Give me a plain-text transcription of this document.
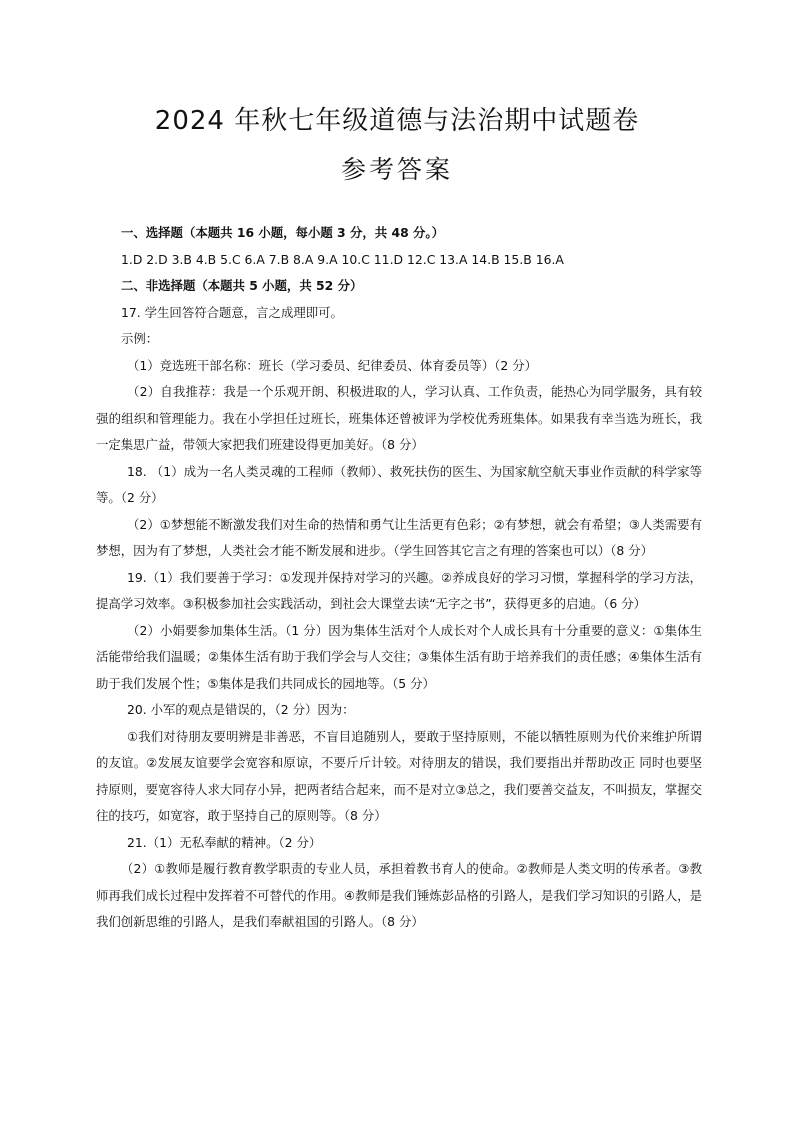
2024 年秋七年级道德与法治期中试题卷
参考答案
一、选择题（本题共 16 小题，每小题 3 分，共 48 分。）
1.D 2.D 3.B 4.B 5.C 6.A 7.B 8.A 9.A 10.C 11.D 12.C 13.A 14.B 15.B 16.A
二、非选择题（本题共 5 小题，共 52 分）
17. 学生回答符合题意，言之成理即可。
示例：
（1）竞选班干部名称：班长（学习委员、纪律委员、体育委员等）（2 分）
（2）自我推荐：我是一个乐观开朗、积极进取的人，学习认真、工作负责，能热心为同学服务，具有较强的组织和管理能力。我在小学担任过班长，班集体还曾被评为学校优秀班集体。如果我有幸当选为班长，我一定集思广益，带领大家把我们班建设得更加美好。（8 分）
18. （1）成为一名人类灵魂的工程师（教师）、救死扶伤的医生、为国家航空航天事业作贡献的科学家等等。（2 分）
（2）①梦想能不断激发我们对生命的热情和勇气让生活更有色彩；②有梦想，就会有希望；③人类需要有梦想，因为有了梦想，人类社会才能不断发展和进步。（学生回答其它言之有理的答案也可以）（8 分）
19.（1）我们要善于学习：①发现并保持对学习的兴趣。②养成良好的学习习惯，掌握科学的学习方法，提高学习效率。③积极参加社会实践活动，到社会大课堂去读“无字之书”，获得更多的启迪。（6 分）
（2）小娟要参加集体生活。（1 分）因为集体生活对个人成长对个人成长具有十分重要的意义：①集体生活能带给我们温暖；②集体生活有助于我们学会与人交往；③集体生活有助于培养我们的责任感；④集体生活有助于我们发展个性；⑤集体是我们共同成长的园地等。（5 分）
20. 小军的观点是错误的，（2 分）因为：
①我们对待朋友要明辨是非善恶，不盲目追随别人，要敢于坚持原则，不能以牺牲原则为代价来维护所谓的友谊。②发展友谊要学会宽容和原谅，不要斤斤计较。对待朋友的错误，我们要指出并帮助改正 同时也要坚持原则，要宽容待人求大同存小异，把两者结合起来，而不是对立③总之，我们要善交益友，不叫损友，掌握交往的技巧，如宽容，敢于坚持自己的原则等。（8 分）
21.（1）无私奉献的精神。（2 分）
（2）①教师是履行教育教学职责的专业人员，承担着教书育人的使命。②教师是人类文明的传承者。③教师再我们成长过程中发挥着不可替代的作用。④教师是我们锤炼彭品格的引路人，是我们学习知识的引路人，是我们创新思维的引路人，是我们奉献祖国的引路人。（8 分）
